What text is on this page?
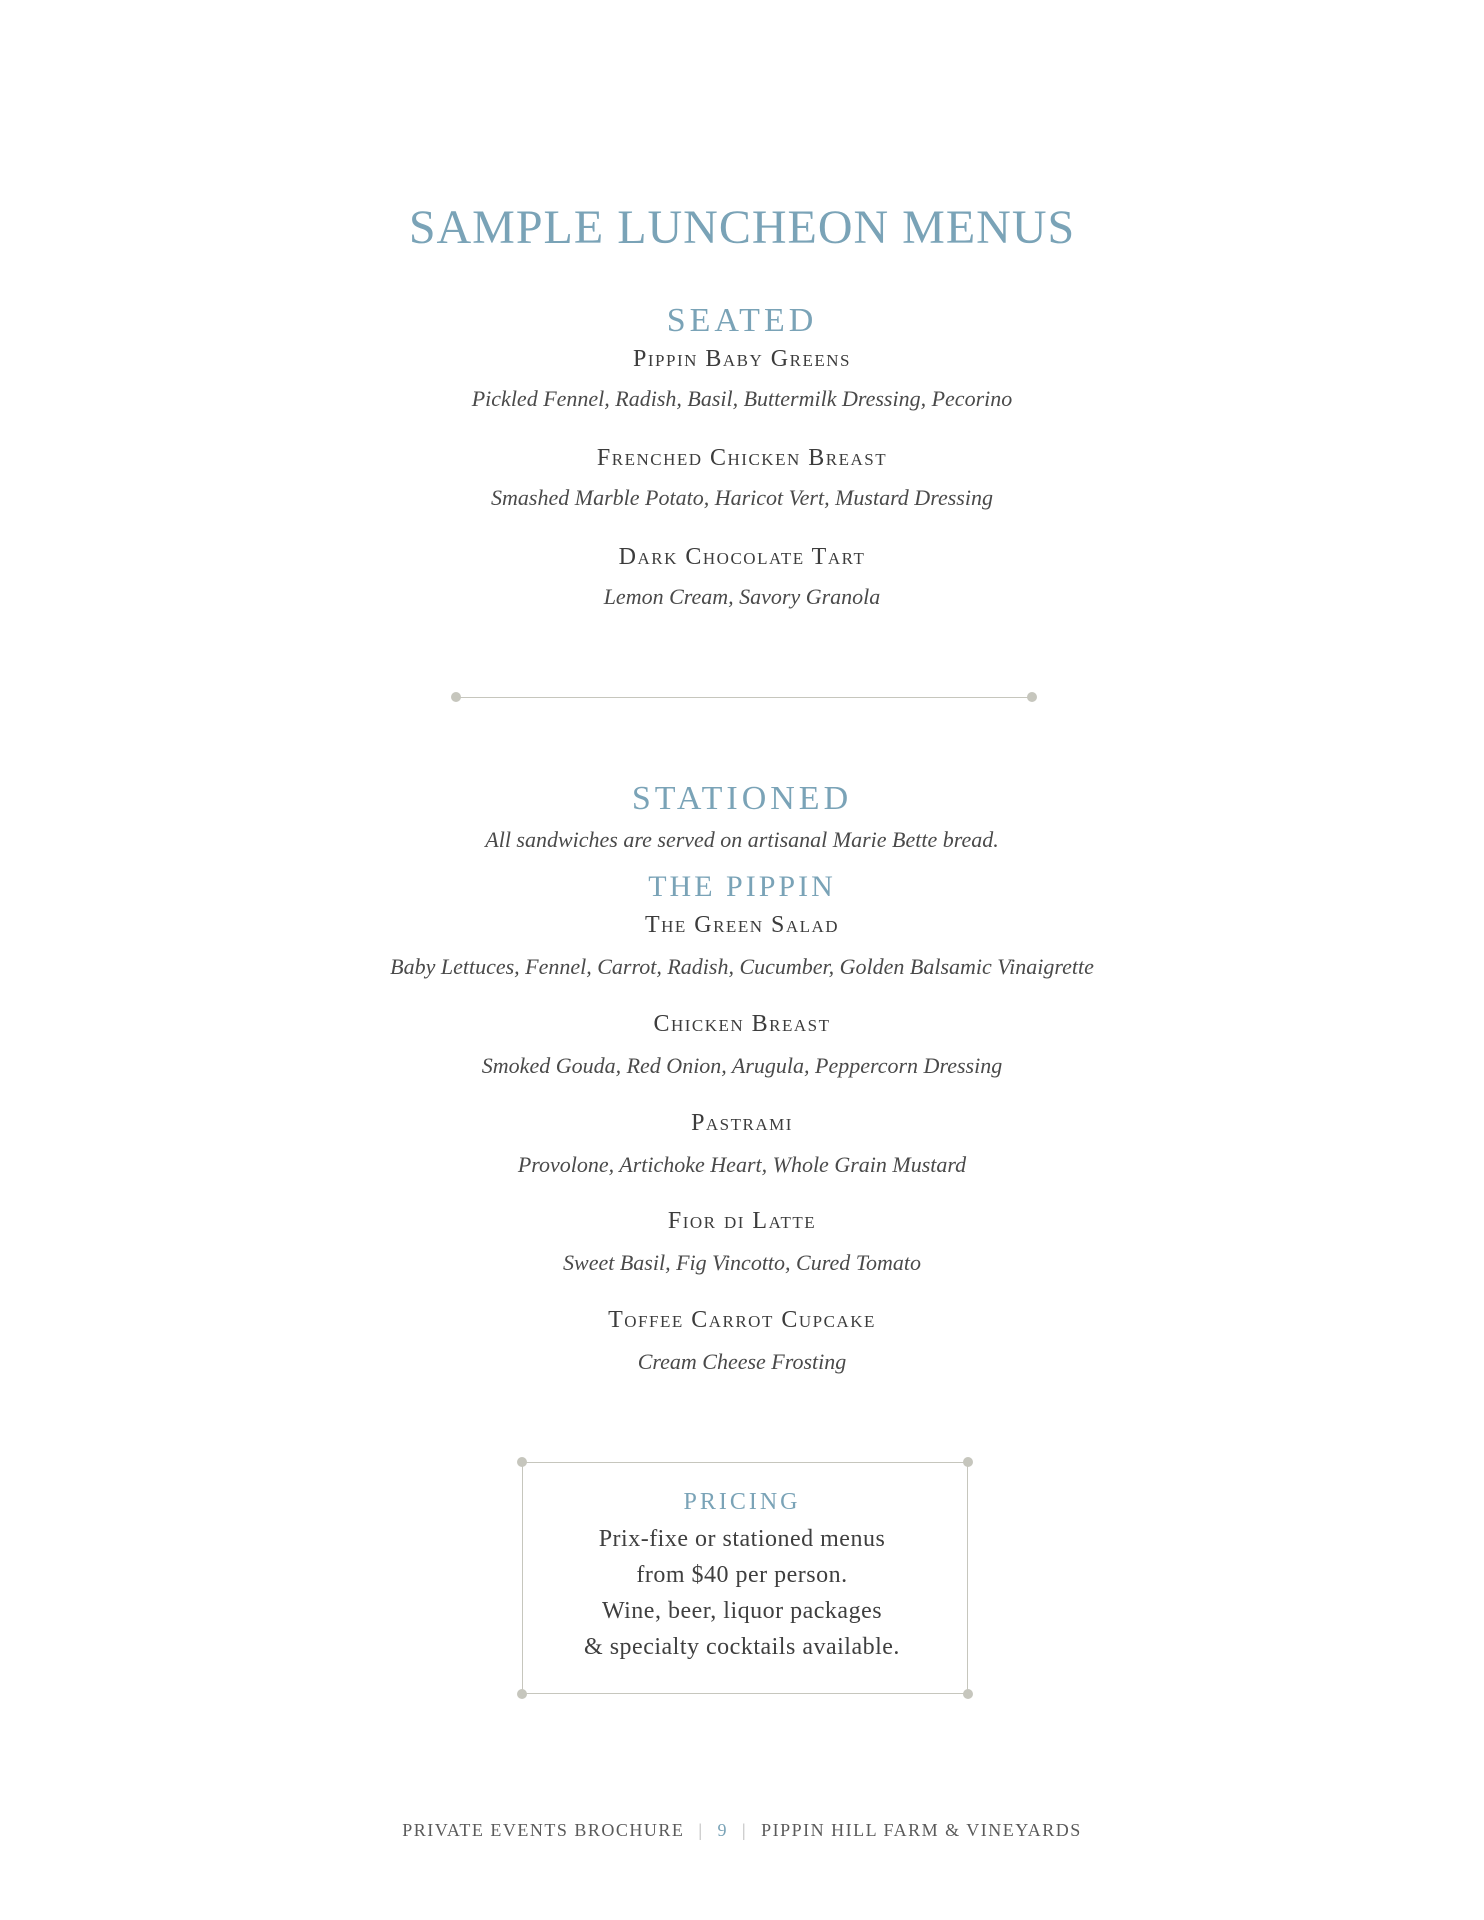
SAMPLE LUNCHEON MENUS
SEATED
Pippin Baby Greens
Pickled Fennel, Radish, Basil, Buttermilk Dressing, Pecorino
Frenched Chicken Breast
Smashed Marble Potato, Haricot Vert, Mustard Dressing
Dark Chocolate Tart
Lemon Cream, Savory Granola
STATIONED
All sandwiches are served on artisanal Marie Bette bread.
THE PIPPIN
The Green Salad
Baby Lettuces, Fennel, Carrot, Radish, Cucumber, Golden Balsamic Vinaigrette
Chicken Breast
Smoked Gouda, Red Onion, Arugula, Peppercorn Dressing
Pastrami
Provolone, Artichoke Heart, Whole Grain Mustard
Fior di Latte
Sweet Basil, Fig Vincotto, Cured Tomato
Toffee Carrot Cupcake
Cream Cheese Frosting
PRICING
Prix-fixe or stationed menus
from $40 per person.
Wine, beer, liquor packages
& specialty cocktails available.
PRIVATE EVENTS BROCHURE | 9 | PIPPIN HILL FARM & VINEYARDS
